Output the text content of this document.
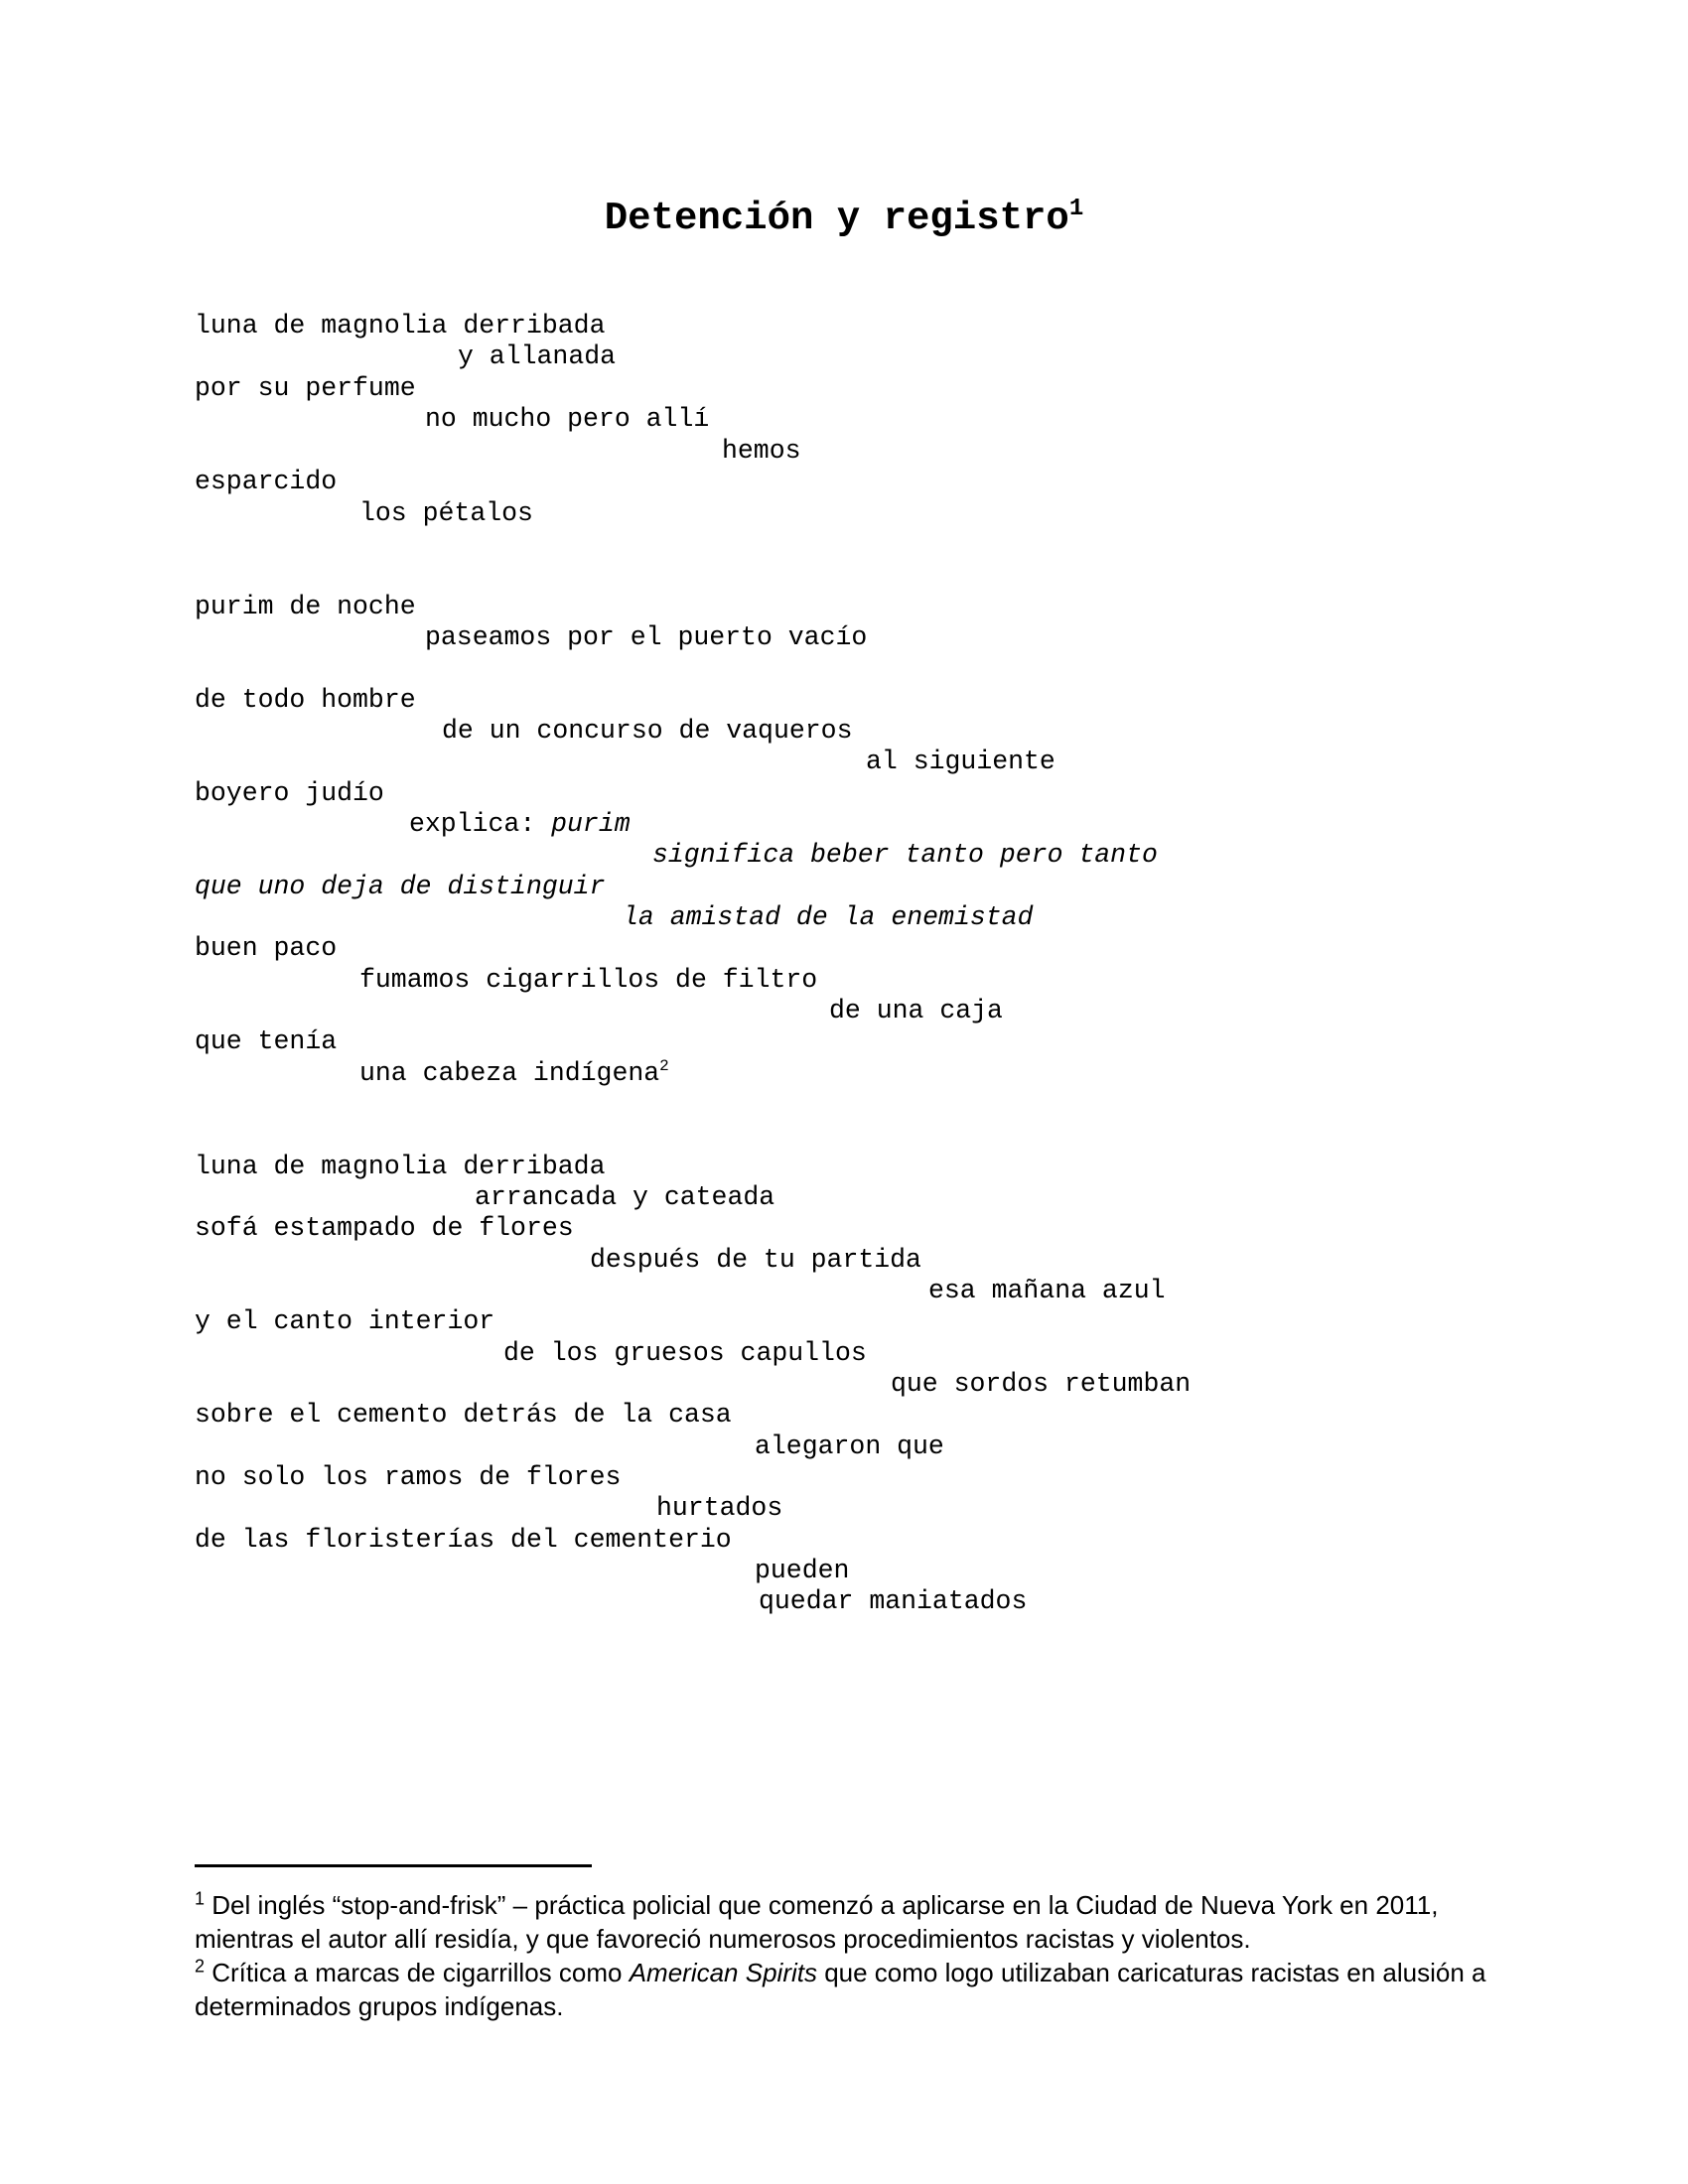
Detención y registro$^1$

luna de magnolia derribada

y allanada

por su perfume

no mucho pero allí

hemos

esparcido

los pétalos

purim de noche

paseamos por el puerto vacío

de todo hombre

de un concurso de vaqueros

al siguiente

boyero judío

explica: purim

significa beber tanto pero tanto

que uno deja de distinguir

la amistad de la enemistad

buen paco

fumamos cigarrillos de filtro

de una caja

que tenía

una cabeza indígena$^2$

luna de magnolia derribada

arrancada y cateada

sofá estampado de flores

después de tu partida

esa mañana azul

y el canto interior

de los gruesos capullos

que sordos retumban

sobre el cemento detrás de la casa

alegaron que

no solo los ramos de flores

hurtados

de las floristerías del cementerio

pueden

quedar maniatados

$^1$ Del inglés “stop-and-frisk” – práctica policial que comenzó a aplicarse en la Ciudad de Nueva York en 2011, mientras el autor allí residía, y que favoreció numerosos procedimientos racistas y violentos.

$^2$ Crítica a marcas de cigarrillos como American Spirits que como logo utilizaban caricaturas racistas en alusión a determinados grupos indígenas.
